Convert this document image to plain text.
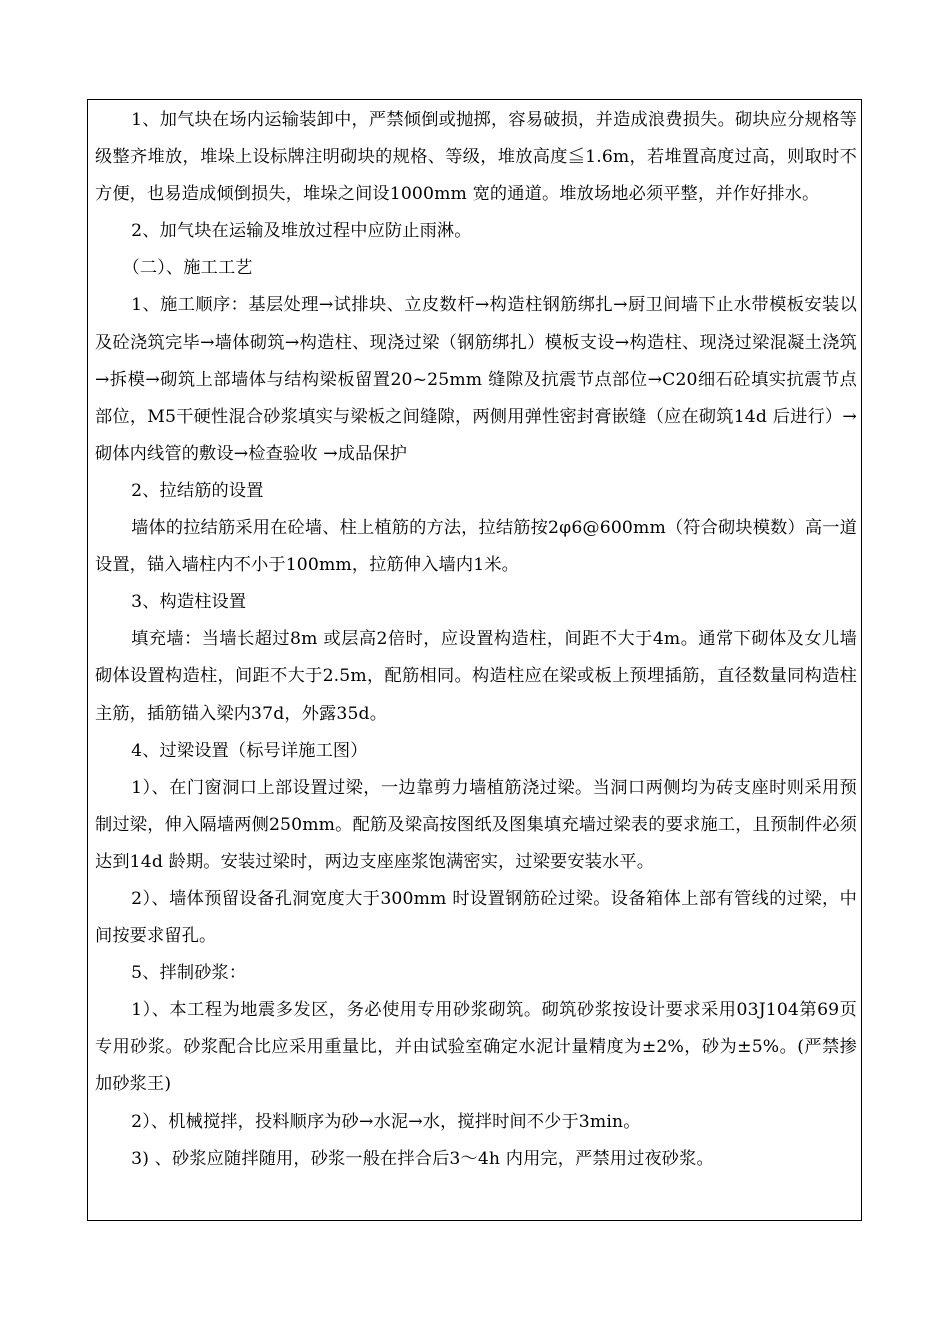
1、加气块在场内运输装卸中，严禁倾倒或抛掷，容易破损，并造成浪费损失。砌块应分规格等级整齐堆放，堆垛上设标牌注明砌块的规格、等级，堆放高度≦1.6m，若堆置高度过高，则取时不方便，也易造成倾倒损失，堆垛之间设1000mm 宽的通道。堆放场地必须平整，并作好排水。

2、加气块在运输及堆放过程中应防止雨淋。

（二）、施工工艺

1、施工顺序：基层处理→试排块、立皮数杆→构造柱钢筋绑扎→厨卫间墙下止水带模板安装以及砼浇筑完毕→墙体砌筑→构造柱、现浇过梁（钢筋绑扎）模板支设→构造柱、现浇过梁混凝土浇筑→拆模→砌筑上部墙体与结构梁板留置20~25mm 缝隙及抗震节点部位→C20细石砼填实抗震节点部位，M5干硬性混合砂浆填实与梁板之间缝隙，两侧用弹性密封膏嵌缝（应在砌筑14d 后进行）→砌体内线管的敷设→检查验收 →成品保护

2、拉结筋的设置

墙体的拉结筋采用在砼墙、柱上植筋的方法，拉结筋按2φ6@600mm（符合砌块模数）高一道设置，锚入墙柱内不小于100mm，拉筋伸入墙内1米。

3、构造柱设置

填充墙：当墙长超过8m 或层高2倍时，应设置构造柱，间距不大于4m。通常下砌体及女儿墙砌体设置构造柱，间距不大于2.5m，配筋相同。构造柱应在梁或板上预埋插筋，直径数量同构造柱主筋，插筋锚入梁内37d，外露35d。

4、过梁设置（标号详施工图）

1）、在门窗洞口上部设置过梁，一边靠剪力墙植筋浇过梁。当洞口两侧均为砖支座时则采用预制过梁，伸入隔墙两侧250mm。配筋及梁高按图纸及图集填充墙过梁表的要求施工，且预制件必须达到14d 龄期。安装过梁时，两边支座座浆饱满密实，过梁要安装水平。

2）、墙体预留设备孔洞宽度大于300mm 时设置钢筋砼过梁。设备箱体上部有管线的过梁，中间按要求留孔。

5、拌制砂浆：

1）、本工程为地震多发区，务必使用专用砂浆砌筑。砌筑砂浆按设计要求采用03J104第69页专用砂浆。砂浆配合比应采用重量比，并由试验室确定水泥计量精度为±2%，砂为±5%。(严禁掺加砂浆王)

2）、机械搅拌，投料顺序为砂→水泥→水，搅拌时间不少于3min。

3) 、砂浆应随拌随用，砂浆一般在拌合后3～4h 内用完，严禁用过夜砂浆。
